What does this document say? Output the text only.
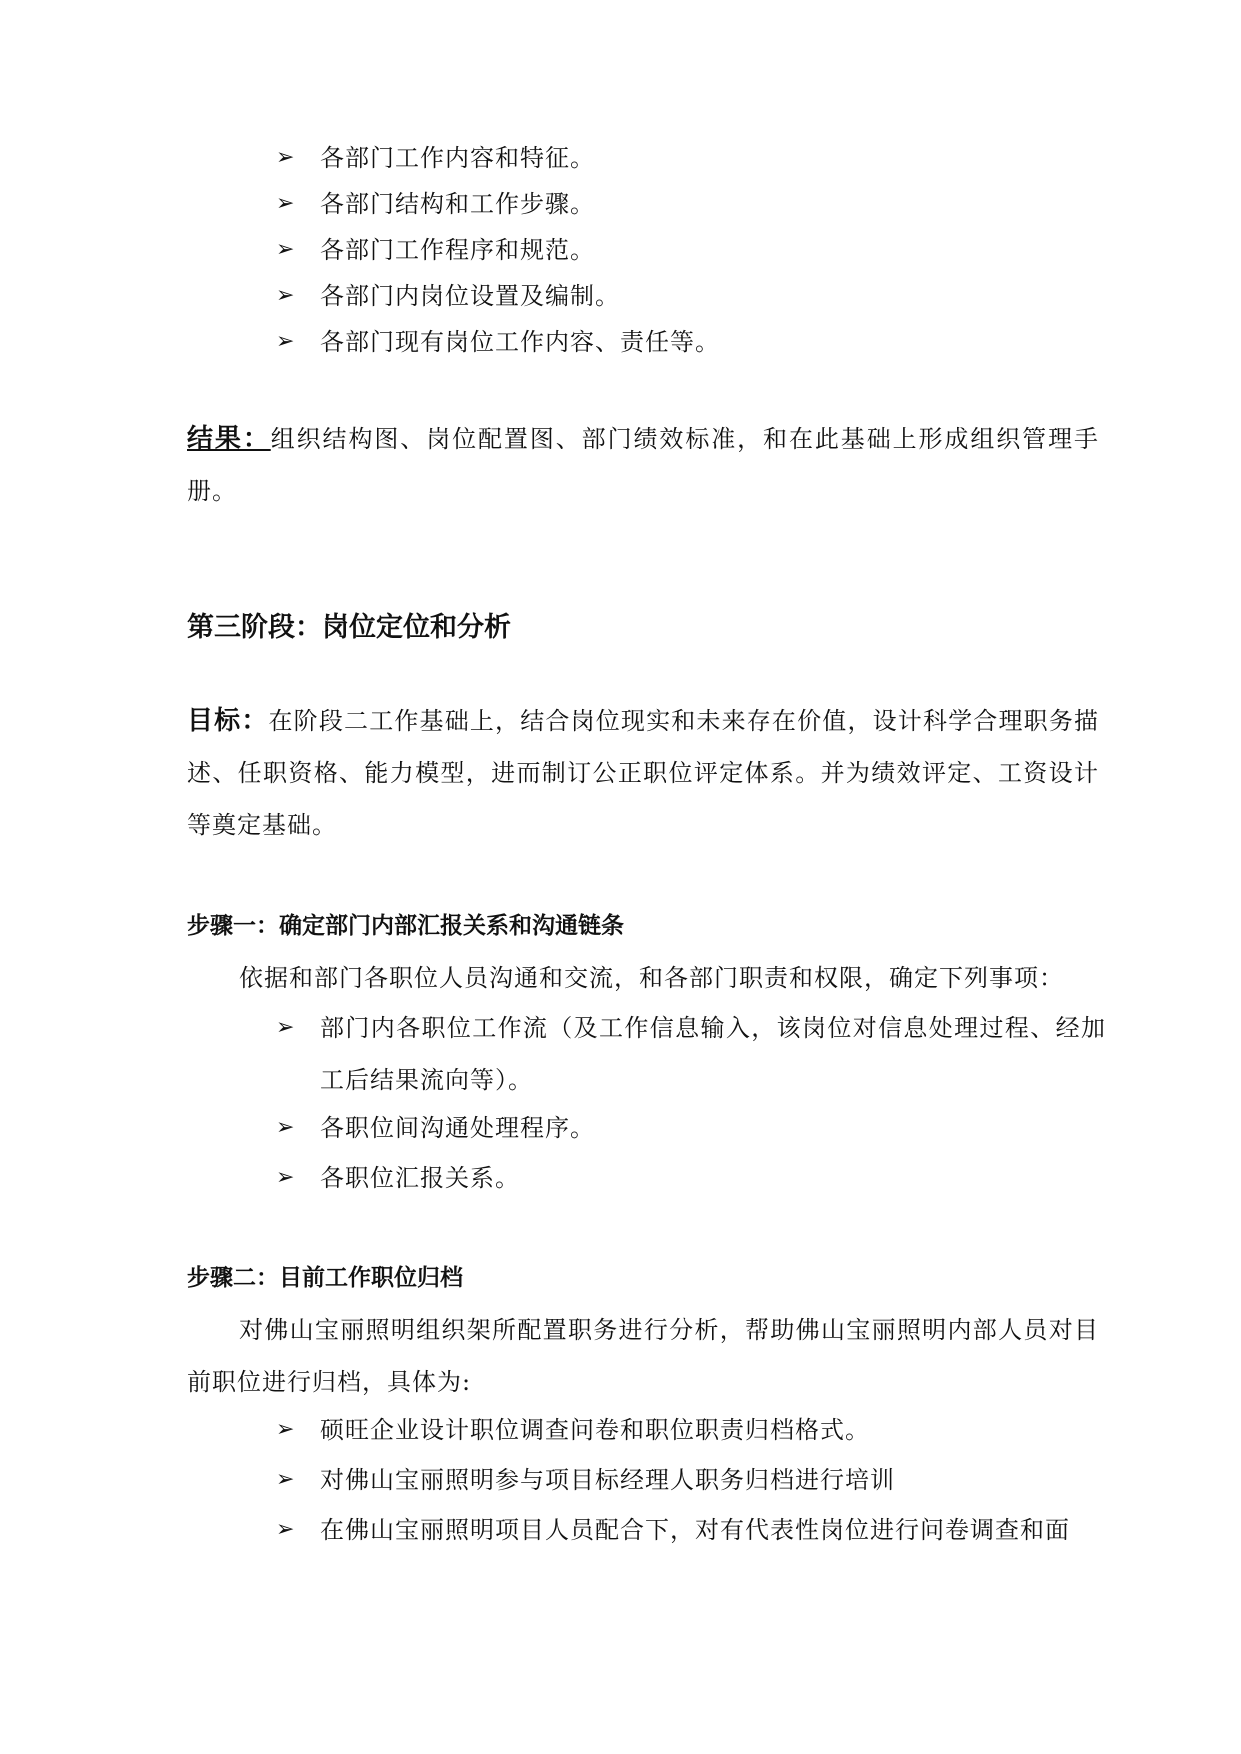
➢	各部门工作内容和特征。
➢	各部门结构和工作步骤。
➢	各部门工作程序和规范。
➢	各部门内岗位设置及编制。
➢	各部门现有岗位工作内容、责任等。
结果：组织结构图、岗位配置图、部门绩效标准，和在此基础上形成组织管理手册。
第三阶段：岗位定位和分析
目标：在阶段二工作基础上，结合岗位现实和未来存在价值，设计科学合理职务描述、任职资格、能力模型，进而制订公正职位评定体系。并为绩效评定、工资设计等奠定基础。
步骤一：确定部门内部汇报关系和沟通链条
依据和部门各职位人员沟通和交流，和各部门职责和权限，确定下列事项：
➢	部门内各职位工作流（及工作信息输入，该岗位对信息处理过程、经加工后结果流向等）。
➢	各职位间沟通处理程序。
➢	各职位汇报关系。
步骤二：目前工作职位归档
对佛山宝丽照明组织架所配置职务进行分析，帮助佛山宝丽照明内部人员对目前职位进行归档，具体为:
➢	硕旺企业设计职位调查问卷和职位职责归档格式。
➢	对佛山宝丽照明参与项目标经理人职务归档进行培训
➢	在佛山宝丽照明项目人员配合下，对有代表性岗位进行问卷调查和面
